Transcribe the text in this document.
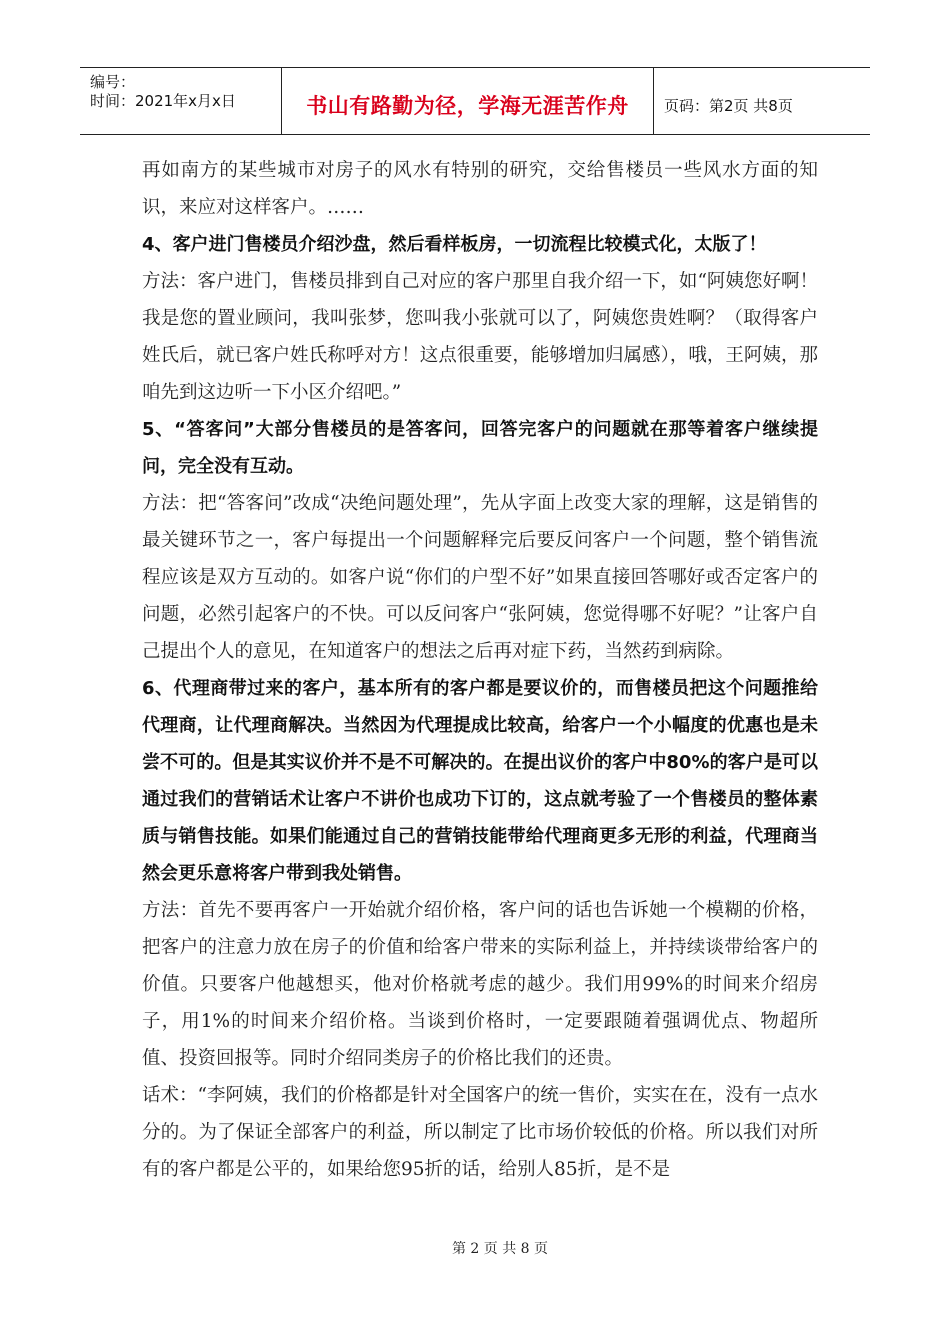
编号：
时间：2021年x月x日	书山有路勤为径，学海无涯苦作舟	页码：第2页 共8页

再如南方的某些城市对房子的风水有特别的研究，交给售楼员一些风水方面的知识，来应对这样客户。……

4、客户进门售楼员介绍沙盘，然后看样板房，一切流程比较模式化，太版了！

方法：客户进门，售楼员排到自己对应的客户那里自我介绍一下，如“阿姨您好啊！我是您的置业顾问，我叫张梦，您叫我小张就可以了，阿姨您贵姓啊？（取得客户姓氏后，就已客户姓氏称呼对方！这点很重要，能够增加归属感），哦，王阿姨，那咱先到这边听一下小区介绍吧。”

5、“答客问”大部分售楼员的是答客问，回答完客户的问题就在那等着客户继续提问，完全没有互动。

方法：把“答客问”改成“决绝问题处理”，先从字面上改变大家的理解，这是销售的最关键环节之一，客户每提出一个问题解释完后要反问客户一个问题，整个销售流程应该是双方互动的。如客户说“你们的户型不好”如果直接回答哪好或否定客户的问题，必然引起客户的不快。可以反问客户“张阿姨，您觉得哪不好呢？”让客户自己提出个人的意见，在知道客户的想法之后再对症下药，当然药到病除。

6、代理商带过来的客户，基本所有的客户都是要议价的，而售楼员把这个问题推给代理商，让代理商解决。当然因为代理提成比较高，给客户一个小幅度的优惠也是未尝不可的。但是其实议价并不是不可解决的。在提出议价的客户中80%的客户是可以通过我们的营销话术让客户不讲价也成功下订的，这点就考验了一个售楼员的整体素质与销售技能。如果们能通过自己的营销技能带给代理商更多无形的利益，代理商当然会更乐意将客户带到我处销售。

方法：首先不要再客户一开始就介绍价格，客户问的话也告诉她一个模糊的价格，把客户的注意力放在房子的价值和给客户带来的实际利益上，并持续谈带给客户的价值。只要客户他越想买，他对价格就考虑的越少。我们用99%的时间来介绍房子，用1%的时间来介绍价格。当谈到价格时，一定要跟随着强调优点、物超所值、投资回报等。同时介绍同类房子的价格比我们的还贵。

话术：“李阿姨，我们的价格都是针对全国客户的统一售价，实实在在，没有一点水分的。为了保证全部客户的利益，所以制定了比市场价较低的价格。所以我们对所有的客户都是公平的，如果给您95折的话，给别人85折，是不是

第 2 页 共 8 页
